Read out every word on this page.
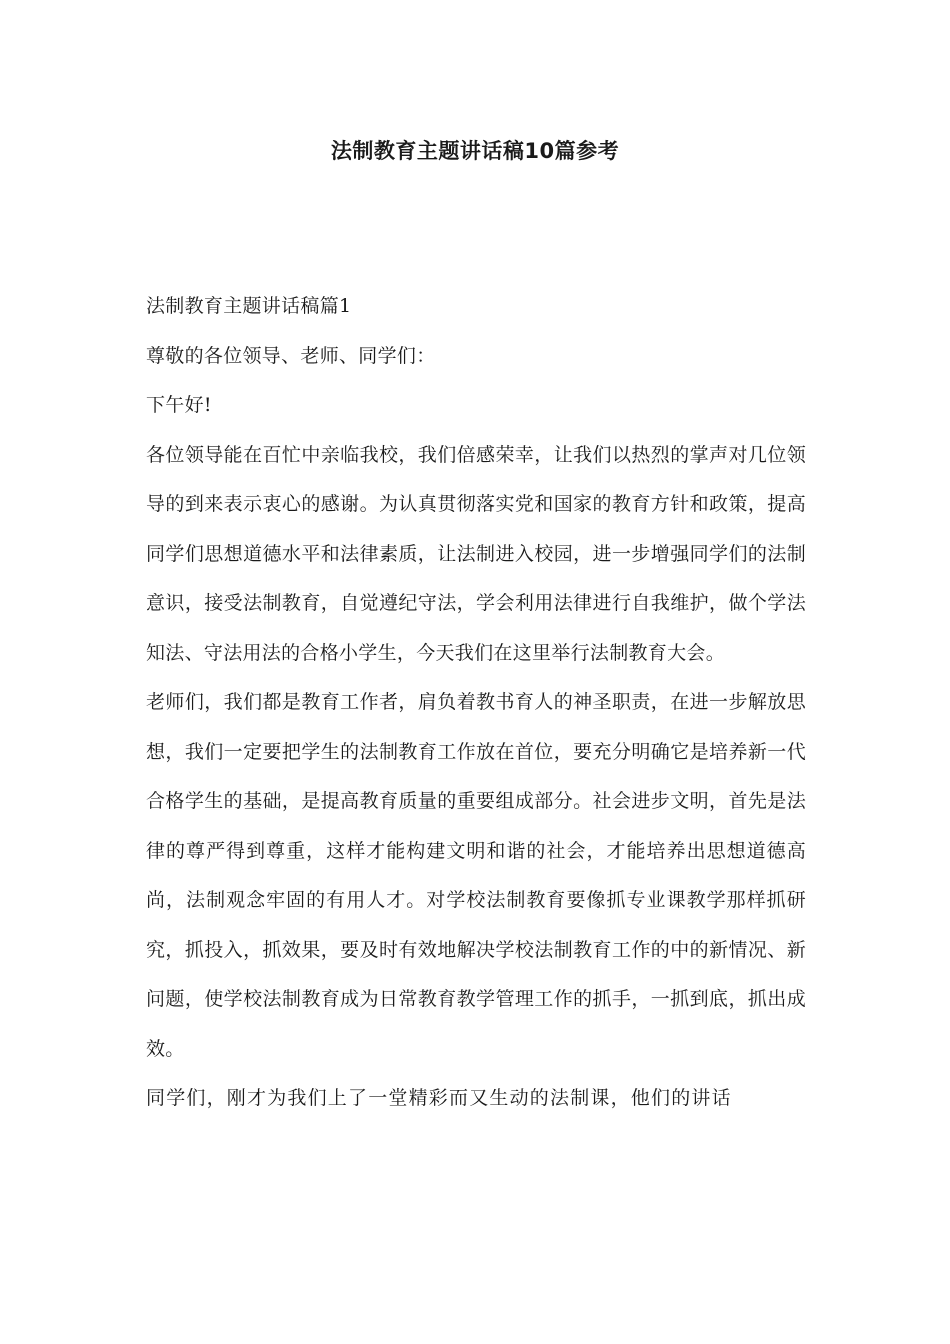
法制教育主题讲话稿10篇参考

法制教育主题讲话稿篇1

尊敬的各位领导、老师、同学们：

下午好!

各位领导能在百忙中亲临我校，我们倍感荣幸，让我们以热烈的掌声对几位领导的到来表示衷心的感谢。为认真贯彻落实党和国家的教育方针和政策，提高同学们思想道德水平和法律素质，让法制进入校园，进一步增强同学们的法制意识，接受法制教育，自觉遵纪守法，学会利用法律进行自我维护，做个学法知法、守法用法的合格小学生，今天我们在这里举行法制教育大会。

老师们，我们都是教育工作者，肩负着教书育人的神圣职责，在进一步解放思想，我们一定要把学生的法制教育工作放在首位，要充分明确它是培养新一代合格学生的基础，是提高教育质量的重要组成部分。社会进步文明，首先是法律的尊严得到尊重，这样才能构建文明和谐的社会，才能培养出思想道德高尚，法制观念牢固的有用人才。对学校法制教育要像抓专业课教学那样抓研究，抓投入，抓效果，要及时有效地解决学校法制教育工作的中的新情况、新问题，使学校法制教育成为日常教育教学管理工作的抓手，一抓到底，抓出成效。

同学们，刚才为我们上了一堂精彩而又生动的法制课，他们的讲话
